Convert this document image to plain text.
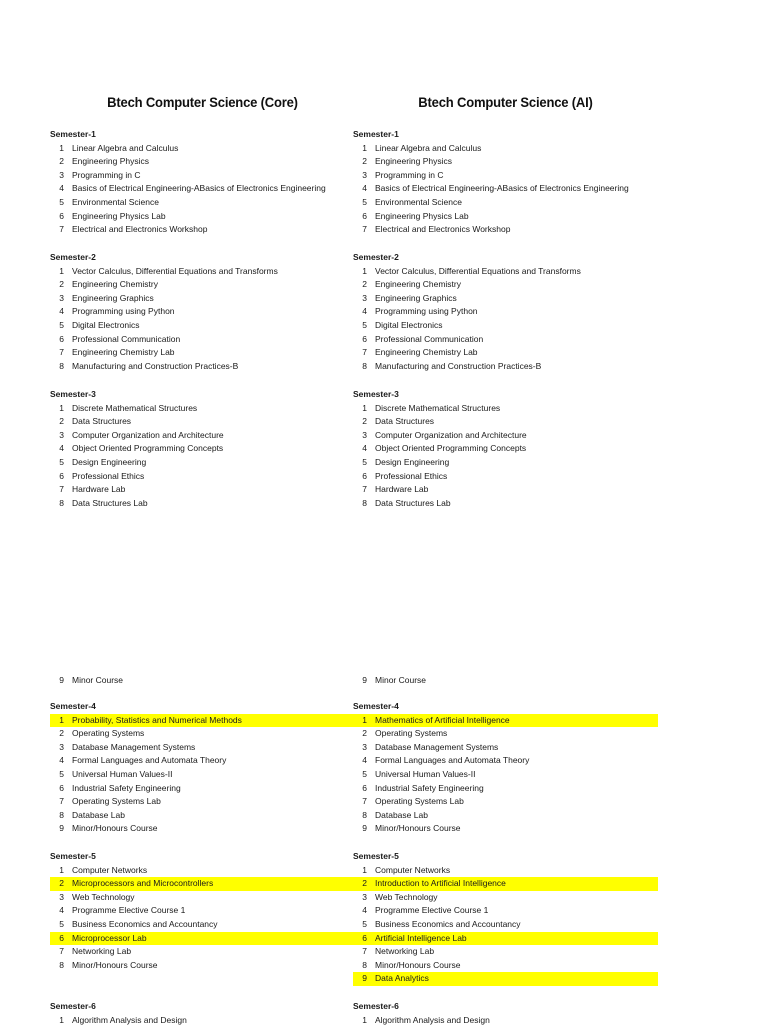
Btech Computer Science (Core)
Semester-1
1 Linear Algebra and Calculus
2 Engineering Physics
3 Programming in C
4 Basics of Electrical Engineering-ABasics of Electronics Engineering
5 Environmental Science
6 Engineering Physics Lab
7 Electrical and Electronics Workshop
Semester-2
1 Vector Calculus, Differential Equations and Transforms
2 Engineering Chemistry
3 Engineering Graphics
4 Programming using Python
5 Digital Electronics
6 Professional Communication
7 Engineering Chemistry Lab
8 Manufacturing and Construction Practices-B
Semester-3
1 Discrete Mathematical Structures
2 Data Structures
3 Computer Organization and Architecture
4 Object Oriented Programming Concepts
5 Design Engineering
6 Professional Ethics
7 Hardware Lab
8 Data Structures Lab
9 Minor Course
Semester-4
1 Probability, Statistics and Numerical Methods
2 Operating Systems
3 Database Management Systems
4 Formal Languages and Automata Theory
5 Universal Human Values-II
6 Industrial Safety Engineering
7 Operating Systems Lab
8 Database Lab
9 Minor/Honours Course
Semester-5
1 Computer Networks
2 Microprocessors and Microcontrollers
3 Web Technology
4 Programme Elective Course 1
5 Business Economics and Accountancy
6 Microprocessor Lab
7 Networking Lab
8 Minor/Honours Course
Semester-6
1 Algorithm Analysis and Design
Btech Computer Science (AI)
Semester-1
1 Linear Algebra and Calculus
2 Engineering Physics
3 Programming in C
4 Basics of Electrical Engineering-ABasics of Electronics Engineering
5 Environmental Science
6 Engineering Physics Lab
7 Electrical and Electronics Workshop
Semester-2
1 Vector Calculus, Differential Equations and Transforms
2 Engineering Chemistry
3 Engineering Graphics
4 Programming using Python
5 Digital Electronics
6 Professional Communication
7 Engineering Chemistry Lab
8 Manufacturing and Construction Practices-B
Semester-3
1 Discrete Mathematical Structures
2 Data Structures
3 Computer Organization and Architecture
4 Object Oriented Programming Concepts
5 Design Engineering
6 Professional Ethics
7 Hardware Lab
8 Data Structures Lab
9 Minor Course
Semester-4
1 Mathematics of Artificial Intelligence
2 Operating Systems
3 Database Management Systems
4 Formal Languages and Automata Theory
5 Universal Human Values-II
6 Industrial Safety Engineering
7 Operating Systems Lab
8 Database Lab
9 Minor/Honours Course
Semester-5
1 Computer Networks
2 Introduction to Artificial Intelligence
3 Web Technology
4 Programme Elective Course 1
5 Business Economics and Accountancy
6 Artificial Intelligence Lab
7 Networking Lab
8 Minor/Honours Course
9 Data Analytics
Semester-6
1 Algorithm Analysis and Design
